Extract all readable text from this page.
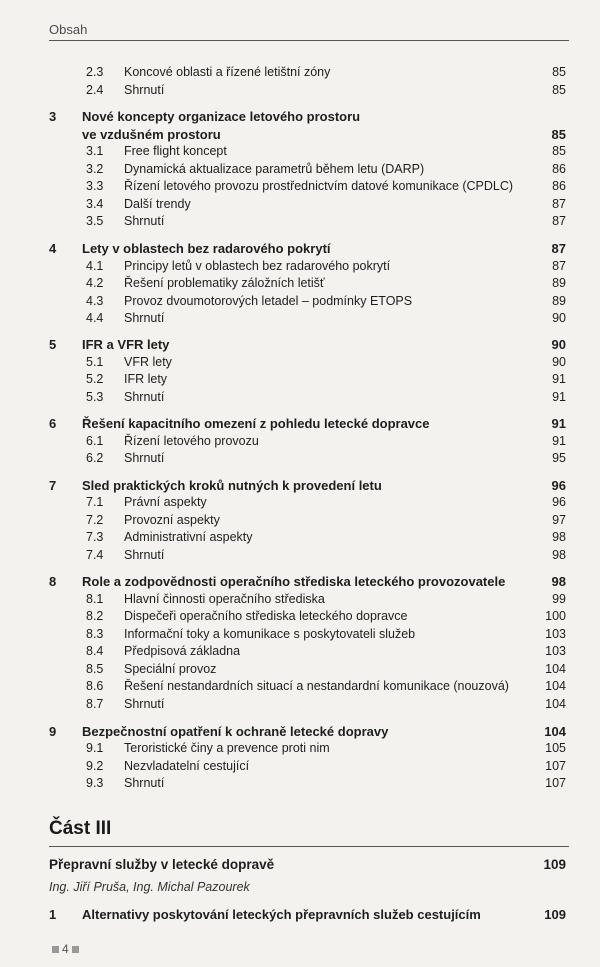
Obsah
2.3 Koncové oblasti a řízené letištní zóny	85
2.4 Shrnutí	85
3 Nové koncepty organizace letového prostoru
ve vzdušném prostoru	85
3.1 Free flight koncept	85
3.2 Dynamická aktualizace parametrů během letu (DARP)	86
3.3 Řízení letového provozu prostřednictvím datové komunikace (CPDLC)	86
3.4 Další trendy	87
3.5 Shrnutí	87
4 Lety v oblastech bez radarového pokrytí	87
4.1 Principy letů v oblastech bez radarového pokrytí	87
4.2 Řešení problematiky záložních letišť	89
4.3 Provoz dvoumotorových letadel – podmínky ETOPS	89
4.4 Shrnutí	90
5 IFR a VFR lety	90
5.1 VFR lety	90
5.2 IFR lety	91
5.3 Shrnutí	91
6 Řešení kapacitního omezení z pohledu letecké dopravce	91
6.1 Řízení letového provozu	91
6.2 Shrnutí	95
7 Sled praktických kroků nutných k provedení letu	96
7.1 Právní aspekty	96
7.2 Provozní aspekty	97
7.3 Administrativní aspekty	98
7.4 Shrnutí	98
8 Role a zodpovědnosti operačního střediska leteckého provozovatele	98
8.1 Hlavní činnosti operačního střediska	99
8.2 Dispečeři operačního střediska leteckého dopravce	100
8.3 Informační toky a komunikace s poskytovateli služeb	103
8.4 Předpisová základna	103
8.5 Speciální provoz	104
8.6 Řešení nestandardních situací a nestandardní komunikace (nouzová)	104
8.7 Shrnutí	104
9 Bezpečnostní opatření k ochraně letecké dopravy	104
9.1 Teroristické činy a prevence proti nim	105
9.2 Nezvladatelní cestující	107
9.3 Shrnutí	107
Část III
Přepravní služby v letecké dopravě	109
Ing. Jiří Pruša, Ing. Michal Pazourek
1 Alternativy poskytování leteckých přepravních služeb cestujícím	109
4
